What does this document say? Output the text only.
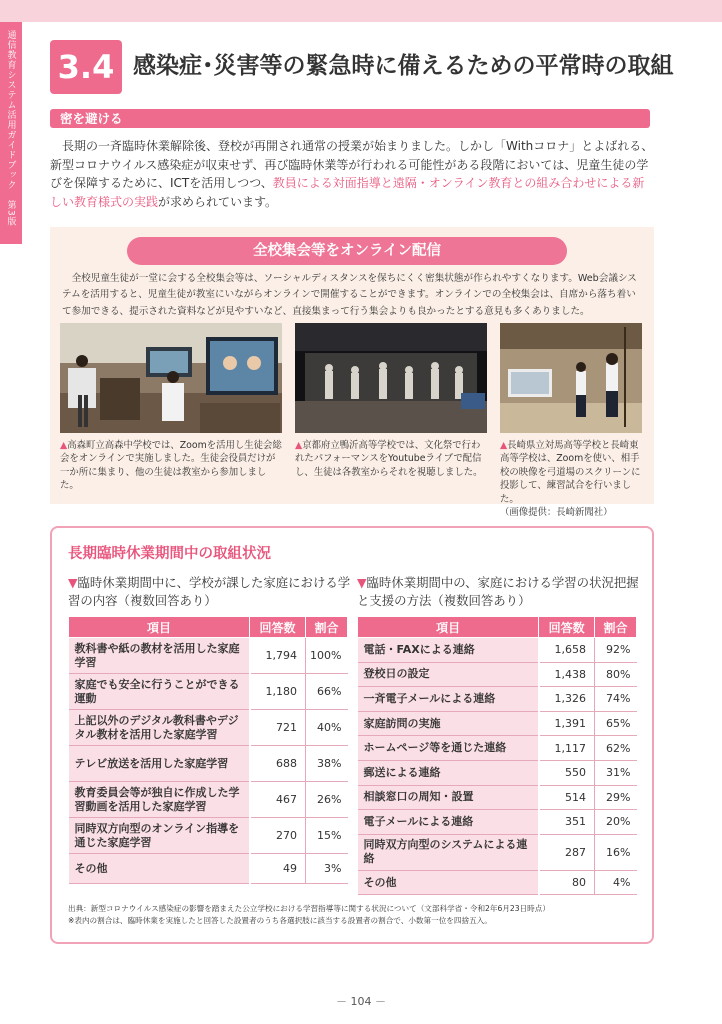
通信教育システム活用ガイドブック　第3版 3.4 感染症･災害等の緊急時に備えるための平常時の取組
密を避ける

長期の一斉臨時休業解除後、登校が再開され通常の授業が始まりました。しかし「Withコロナ」とよばれる、新型コロナウイルス感染症が収束せず、再び臨時休業等が行われる可能性がある段階においては、児童生徒の学びを保障するために、ICTを活用しつつ、教員による対面指導と遠隔・オンライン教育との組み合わせによる新しい教育様式の実践が求められています。

全校集会等をオンライン配信

全校児童生徒が一堂に会する全校集会等は、ソーシャルディスタンスを保ちにくく密集状態が作られやすくなります。Web会議システムを活用すると、児童生徒が教室にいながらオンラインで開催することができます。オンラインでの全校集会は、自席から落ち着いて参加できる、提示された資料などが見やすいなど、直接集まって行う集会よりも良かったとする意見も多くありました。

▲高森町立高森中学校では、Zoomを活用し生徒会総会をオンラインで実施しました。生徒会役員だけが一か所に集まり、他の生徒は教室から参加しました。

▲京都府立鴨沂高等学校では、文化祭で行われたパフォーマンスをYoutubeライブで配信し、生徒は各教室からそれを視聴しました。

▲長崎県立対馬高等学校と長崎東高等学校は、Zoomを使い、相手校の映像を弓道場のスクリーンに投影して、練習試合を行いました。
（画像提供：長崎新聞社）

長期臨時休業期間中の取組状況

▼臨時休業期間中に、学校が課した家庭における学習の内容（複数回答あり）

▼臨時休業期間中の、家庭における学習の状況把握と支援の方法（複数回答あり）

項目	回答数	割合
教科書や紙の教材を活用した家庭学習	1,794	100%
家庭でも安全に行うことができる運動	1,180	66%
上記以外のデジタル教科書やデジタル教材を活用した家庭学習	721	40%
テレビ放送を活用した家庭学習	688	38%
教育委員会等が独自に作成した学習動画を活用した家庭学習	467	26%
同時双方向型のオンライン指導を通じた家庭学習	270	15%
その他	49	3%
項目	回答数	割合
電話・FAXによる連絡	1,658	92%
登校日の設定	1,438	80%
一斉電子メールによる連絡	1,326	74%
家庭訪問の実施	1,391	65%
ホームページ等を通じた連絡	1,117	62%
郵送による連絡	550	31%
相談窓口の周知・設置	514	29%
電子メールによる連絡	351	20%
同時双方向型のシステムによる連絡	287	16%
その他	80	4%
出典：新型コロナウイルス感染症の影響を踏まえた公立学校における学習指導等に関する状況について（文部科学省・令和2年6月23日時点）
※表内の割合は、臨時休業を実施したと回答した設置者のうち各選択肢に該当する設置者の割合で、小数第一位を四捨五入。
－ 104 －
